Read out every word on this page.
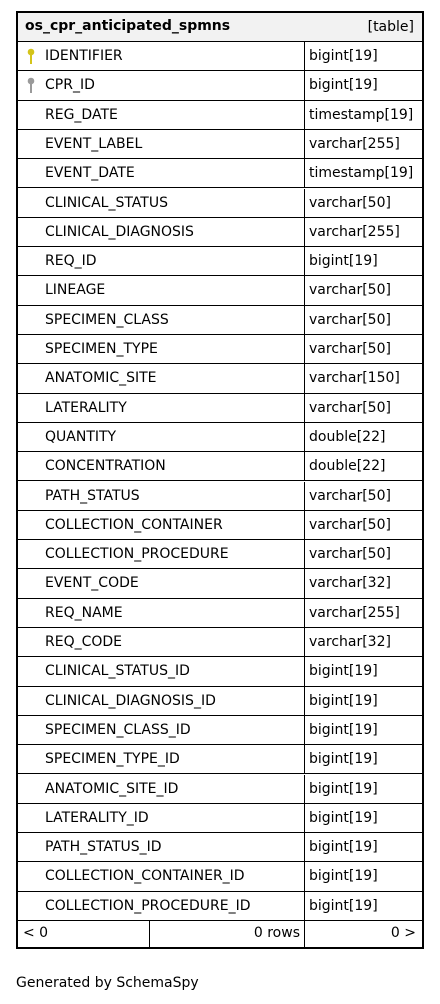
os_cpr_anticipated_spmns	[table]
IDENTIFIER	bigint[19]
CPR_ID	bigint[19]
REG_DATE	timestamp[19]
EVENT_LABEL	varchar[255]
EVENT_DATE	timestamp[19]
CLINICAL_STATUS	varchar[50]
CLINICAL_DIAGNOSIS	varchar[255]
REQ_ID	bigint[19]
LINEAGE	varchar[50]
SPECIMEN_CLASS	varchar[50]
SPECIMEN_TYPE	varchar[50]
ANATOMIC_SITE	varchar[150]
LATERALITY	varchar[50]
QUANTITY	double[22]
CONCENTRATION	double[22]
PATH_STATUS	varchar[50]
COLLECTION_CONTAINER	varchar[50]
COLLECTION_PROCEDURE	varchar[50]
EVENT_CODE	varchar[32]
REQ_NAME	varchar[255]
REQ_CODE	varchar[32]
CLINICAL_STATUS_ID	bigint[19]
CLINICAL_DIAGNOSIS_ID	bigint[19]
SPECIMEN_CLASS_ID	bigint[19]
SPECIMEN_TYPE_ID	bigint[19]
ANATOMIC_SITE_ID	bigint[19]
LATERALITY_ID	bigint[19]
PATH_STATUS_ID	bigint[19]
COLLECTION_CONTAINER_ID	bigint[19]
COLLECTION_PROCEDURE_ID	bigint[19]
< 0	0 rows	0 >
Generated by SchemaSpy
